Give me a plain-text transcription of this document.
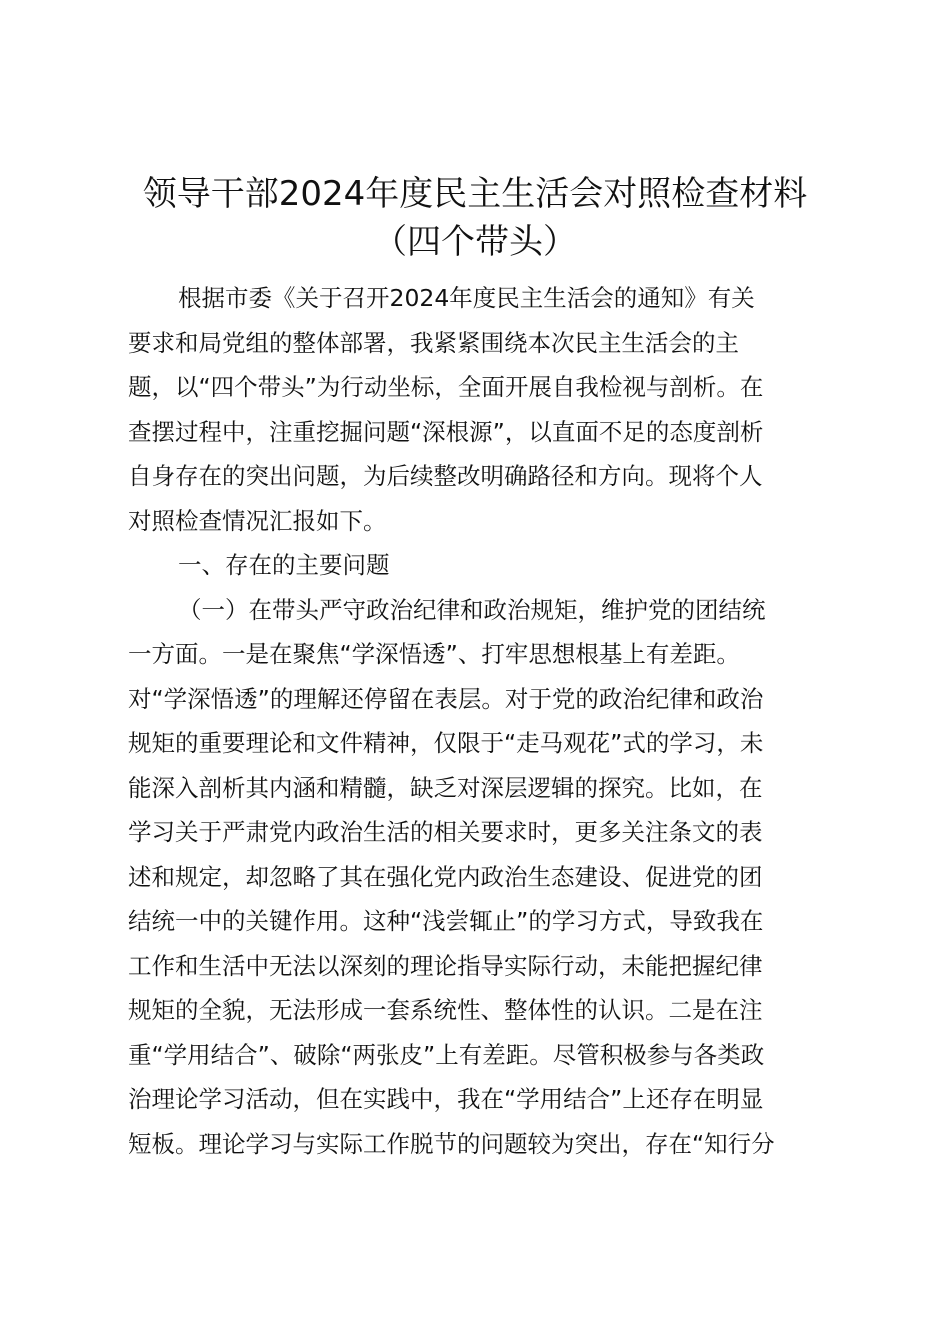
领导干部2024年度民主生活会对照检查材料
（四个带头）
根据市委《关于召开2024年度民主生活会的通知》有关
要求和局党组的整体部署，我紧紧围绕本次民主生活会的主
题，以“四个带头”为行动坐标，全面开展自我检视与剖析。在
查摆过程中，注重挖掘问题“深根源”，以直面不足的态度剖析
自身存在的突出问题，为后续整改明确路径和方向。现将个人
对照检查情况汇报如下。
一、存在的主要问题
（一）在带头严守政治纪律和政治规矩，维护党的团结统
一方面。一是在聚焦“学深悟透”、打牢思想根基上有差距。
对“学深悟透”的理解还停留在表层。对于党的政治纪律和政治
规矩的重要理论和文件精神，仅限于“走马观花”式的学习，未
能深入剖析其内涵和精髓，缺乏对深层逻辑的探究。比如，在
学习关于严肃党内政治生活的相关要求时，更多关注条文的表
述和规定，却忽略了其在强化党内政治生态建设、促进党的团
结统一中的关键作用。这种“浅尝辄止”的学习方式，导致我在
工作和生活中无法以深刻的理论指导实际行动，未能把握纪律
规矩的全貌，无法形成一套系统性、整体性的认识。二是在注
重“学用结合”、破除“两张皮”上有差距。尽管积极参与各类政
治理论学习活动，但在实践中，我在“学用结合”上还存在明显
短板。理论学习与实际工作脱节的问题较为突出，存在“知行分
